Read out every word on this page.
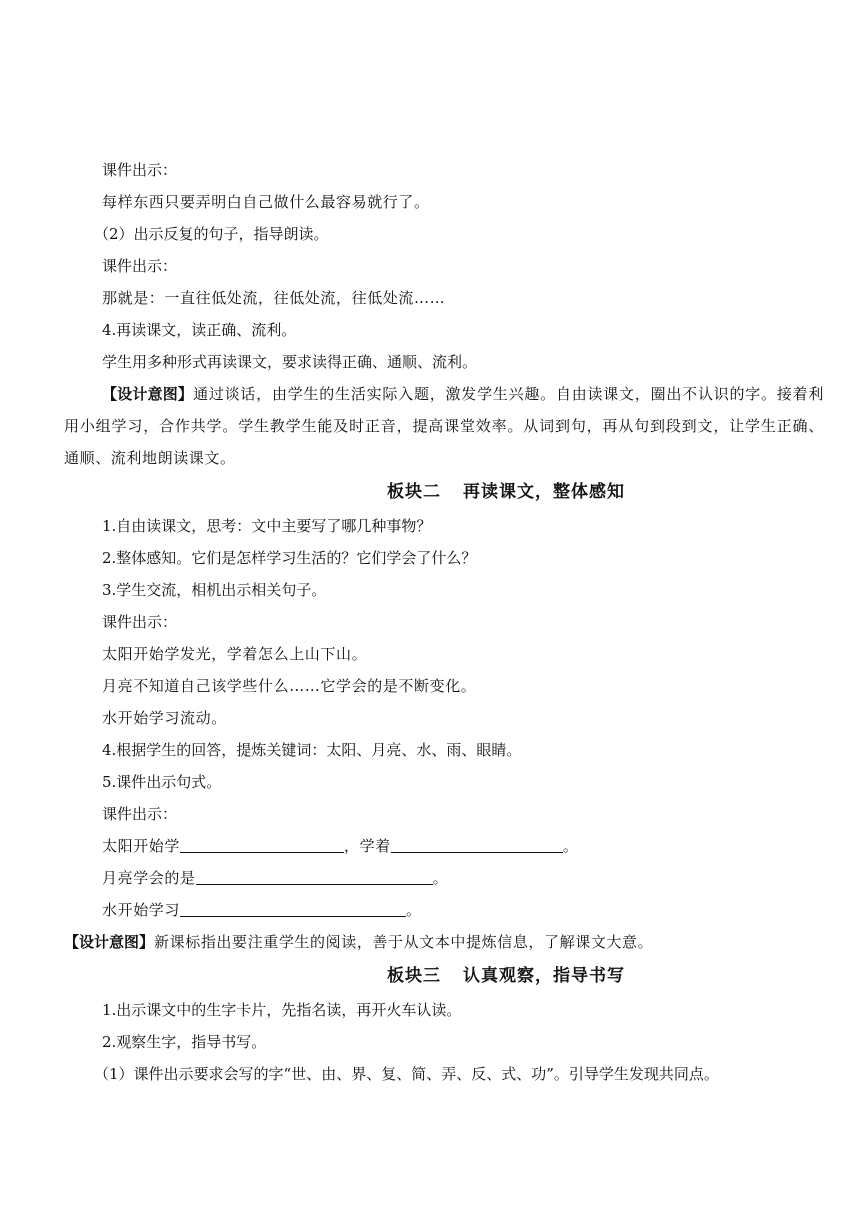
课件出示：
每样东西只要弄明白自己做什么最容易就行了。
（2）出示反复的句子，指导朗读。
课件出示：
那就是：一直往低处流，往低处流，往低处流……
4.再读课文，读正确、流利。
学生用多种形式再读课文，要求读得正确、通顺、流利。
【设计意图】通过谈话，由学生的生活实际入题，激发学生兴趣。自由读课文，圈出不认识的字。接着利用小组学习，合作共学。学生教学生能及时正音，提高课堂效率。从词到句，再从句到段到文，让学生正确、通顺、流利地朗读课文。
板块二 再读课文，整体感知
1.自由读课文，思考：文中主要写了哪几种事物？
2.整体感知。它们是怎样学习生活的？它们学会了什么？
3.学生交流，相机出示相关句子。
课件出示：
太阳开始学发光，学着怎么上山下山。
月亮不知道自己该学些什么……它学会的是不断变化。
水开始学习流动。
4.根据学生的回答，提炼关键词：太阳、月亮、水、雨、眼睛。
5.课件出示句式。
课件出示：
太阳开始学	，学着	。
月亮学会的是	。
水开始学习	。
【设计意图】新课标指出要注重学生的阅读，善于从文本中提炼信息，了解课文大意。
板块三 认真观察，指导书写
1.出示课文中的生字卡片，先指名读，再开火车认读。
2.观察生字，指导书写。
（1）课件出示要求会写的字“世、由、界、复、简、弄、反、式、功”。引导学生发现共同点。
